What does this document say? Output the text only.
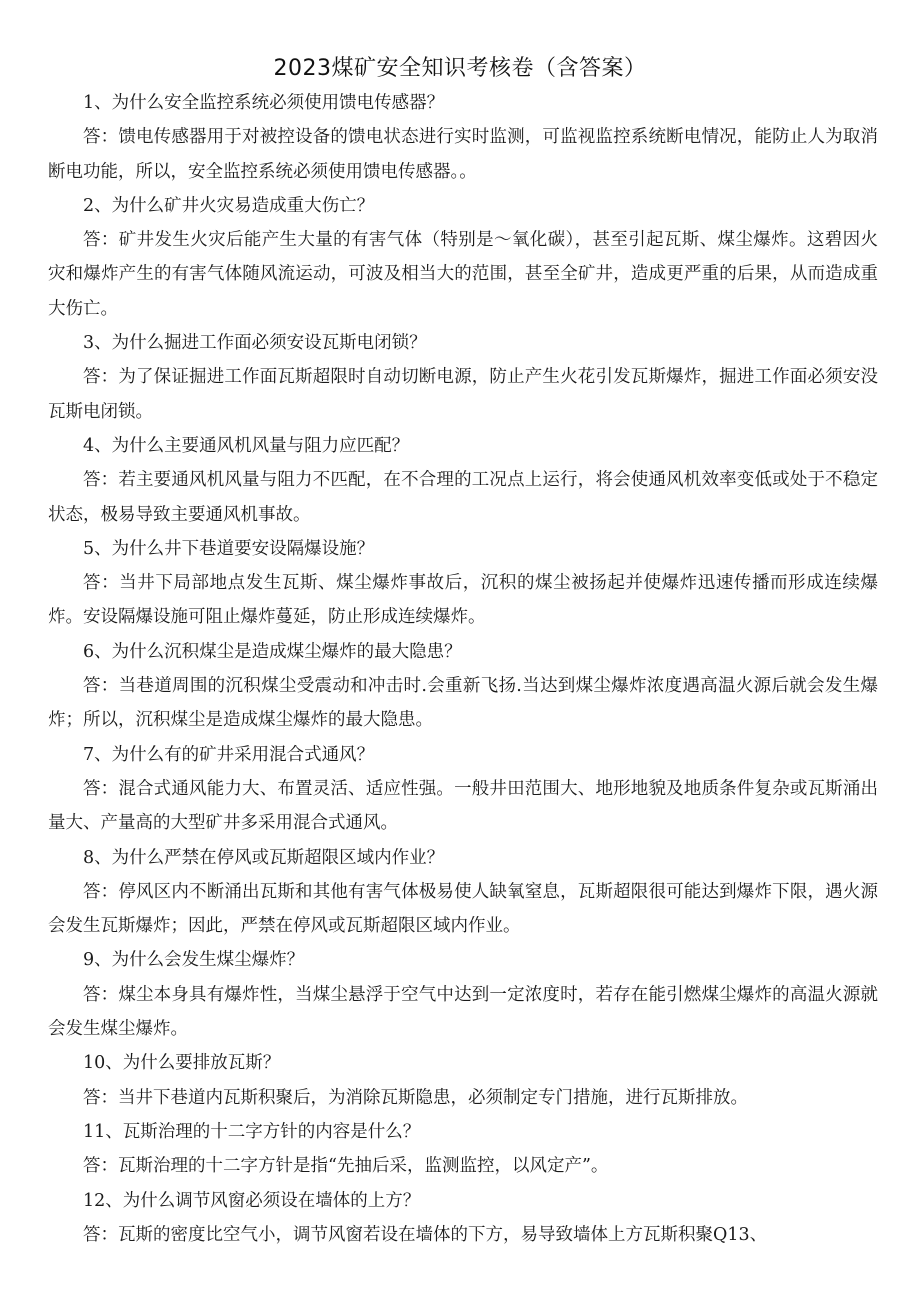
2023煤矿安全知识考核卷（含答案）

1、为什么安全监控系统必须使用馈电传感器？

答：馈电传感器用于对被控设备的馈电状态进行实时监测，可监视监控系统断电情况，能防止人为取消断电功能，所以，安全监控系统必须使用馈电传感器。。

2、为什么矿井火灾易造成重大伤亡？

答：矿井发生火灾后能产生大量的有害气体（特别是～氧化碳），甚至引起瓦斯、煤尘爆炸。这碧因火灾和爆炸产生的有害气体随风流运动，可波及相当大的范围，甚至全矿井，造成更严重的后果，从而造成重大伤亡。

3、为什么掘进工作面必须安设瓦斯电闭锁？

答：为了保证掘进工作面瓦斯超限时自动切断电源，防止产生火花引发瓦斯爆炸，掘进工作面必须安没瓦斯电闭锁。

4、为什么主要通风机风量与阻力应匹配？

答：若主要通风机风量与阻力不匹配，在不合理的工况点上运行，将会使通风机效率变低或处于不稳定状态，极易导致主要通风机事故。

5、为什么井下巷道要安设隔爆设施？

答：当井下局部地点发生瓦斯、煤尘爆炸事故后，沉积的煤尘被扬起并使爆炸迅速传播而形成连续爆炸。安设隔爆设施可阻止爆炸蔓延，防止形成连续爆炸。

6、为什么沉积煤尘是造成煤尘爆炸的最大隐患？

答：当巷道周围的沉积煤尘受震动和冲击时.会重新飞扬.当达到煤尘爆炸浓度遇高温火源后就会发生爆炸；所以，沉积煤尘是造成煤尘爆炸的最大隐患。

7、为什么有的矿井采用混合式通风？

答：混合式通风能力大、布置灵活、适应性强。一般井田范围大、地形地貌及地质条件复杂或瓦斯涌出量大、产量高的大型矿井多采用混合式通风。

8、为什么严禁在停风或瓦斯超限区域内作业？

答：停风区内不断涌出瓦斯和其他有害气体极易使人缺氧窒息，瓦斯超限很可能达到爆炸下限，遇火源会发生瓦斯爆炸；因此，严禁在停风或瓦斯超限区域内作业。

9、为什么会发生煤尘爆炸？

答：煤尘本身具有爆炸性，当煤尘悬浮于空气中达到一定浓度时，若存在能引燃煤尘爆炸的高温火源就会发生煤尘爆炸。

10、为什么要排放瓦斯？

答：当井下巷道内瓦斯积聚后，为消除瓦斯隐患，必须制定专门措施，进行瓦斯排放。

11、瓦斯治理的十二字方针的内容是什么？

答：瓦斯治理的十二字方针是指“先抽后采，监测监控，以风定产”。

12、为什么调节风窗必须设在墙体的上方？

答：瓦斯的密度比空气小，调节风窗若设在墙体的下方，易导致墙体上方瓦斯积聚Q13、
